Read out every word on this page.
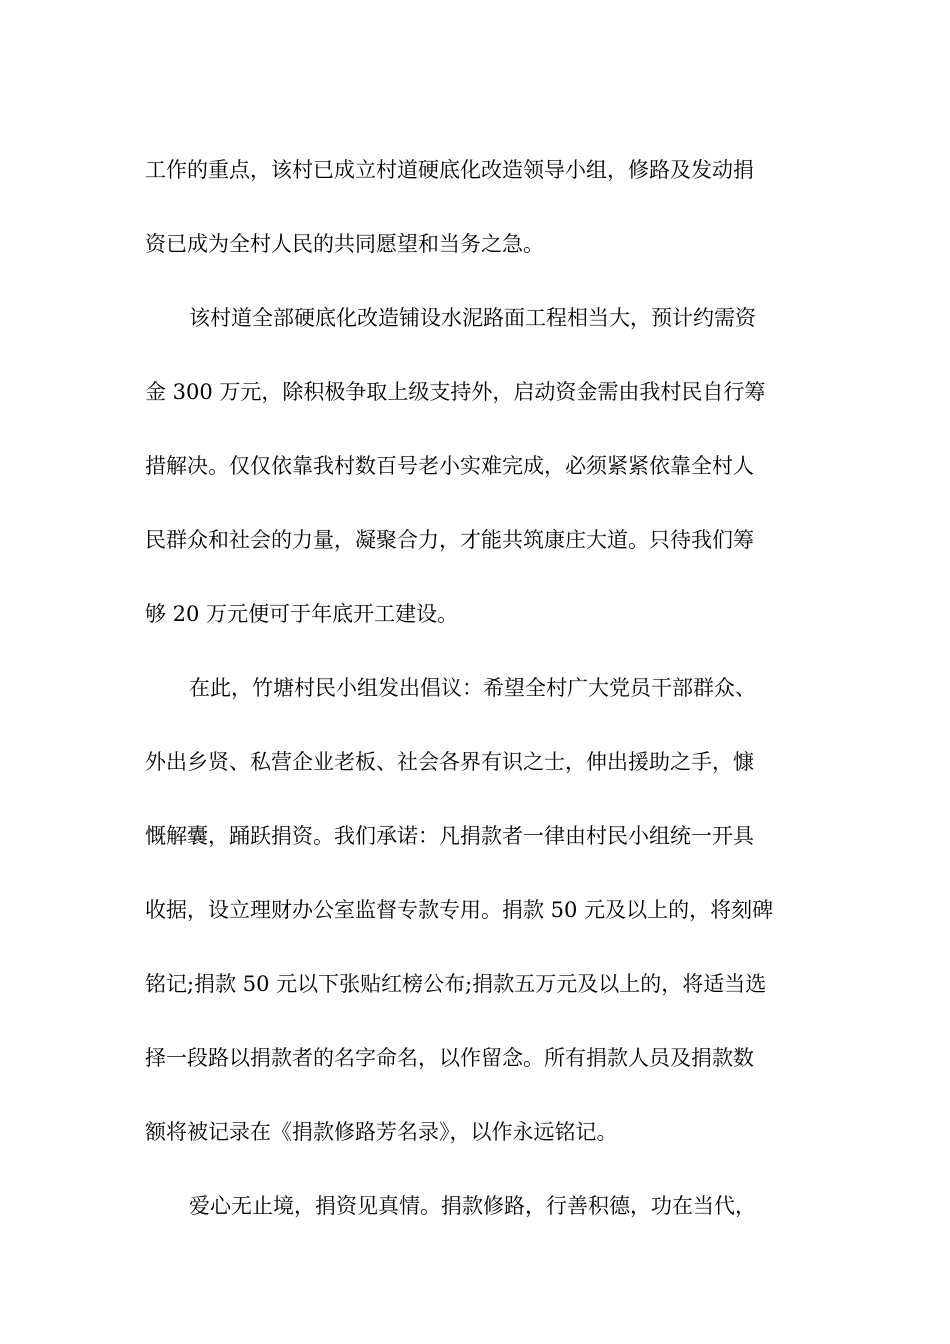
工作的重点，该村已成立村道硬底化改造领导小组，修路及发动捐
资已成为全村人民的共同愿望和当务之急。
该村道全部硬底化改造铺设水泥路面工程相当大，预计约需资
金 300 万元，除积极争取上级支持外，启动资金需由我村民自行筹
措解决。仅仅依靠我村数百号老小实难完成，必须紧紧依靠全村人
民群众和社会的力量，凝聚合力，才能共筑康庄大道。只待我们筹
够 20 万元便可于年底开工建设。
在此，竹塘村民小组发出倡议：希望全村广大党员干部群众、
外出乡贤、私营企业老板、社会各界有识之士，伸出援助之手，慷
慨解囊，踊跃捐资。我们承诺：凡捐款者一律由村民小组统一开具
收据，设立理财办公室监督专款专用。捐款 50 元及以上的，将刻碑
铭记;捐款 50 元以下张贴红榜公布;捐款五万元及以上的，将适当选
择一段路以捐款者的名字命名，以作留念。所有捐款人员及捐款数
额将被记录在《捐款修路芳名录》，以作永远铭记。
爱心无止境，捐资见真情。捐款修路，行善积德，功在当代，
